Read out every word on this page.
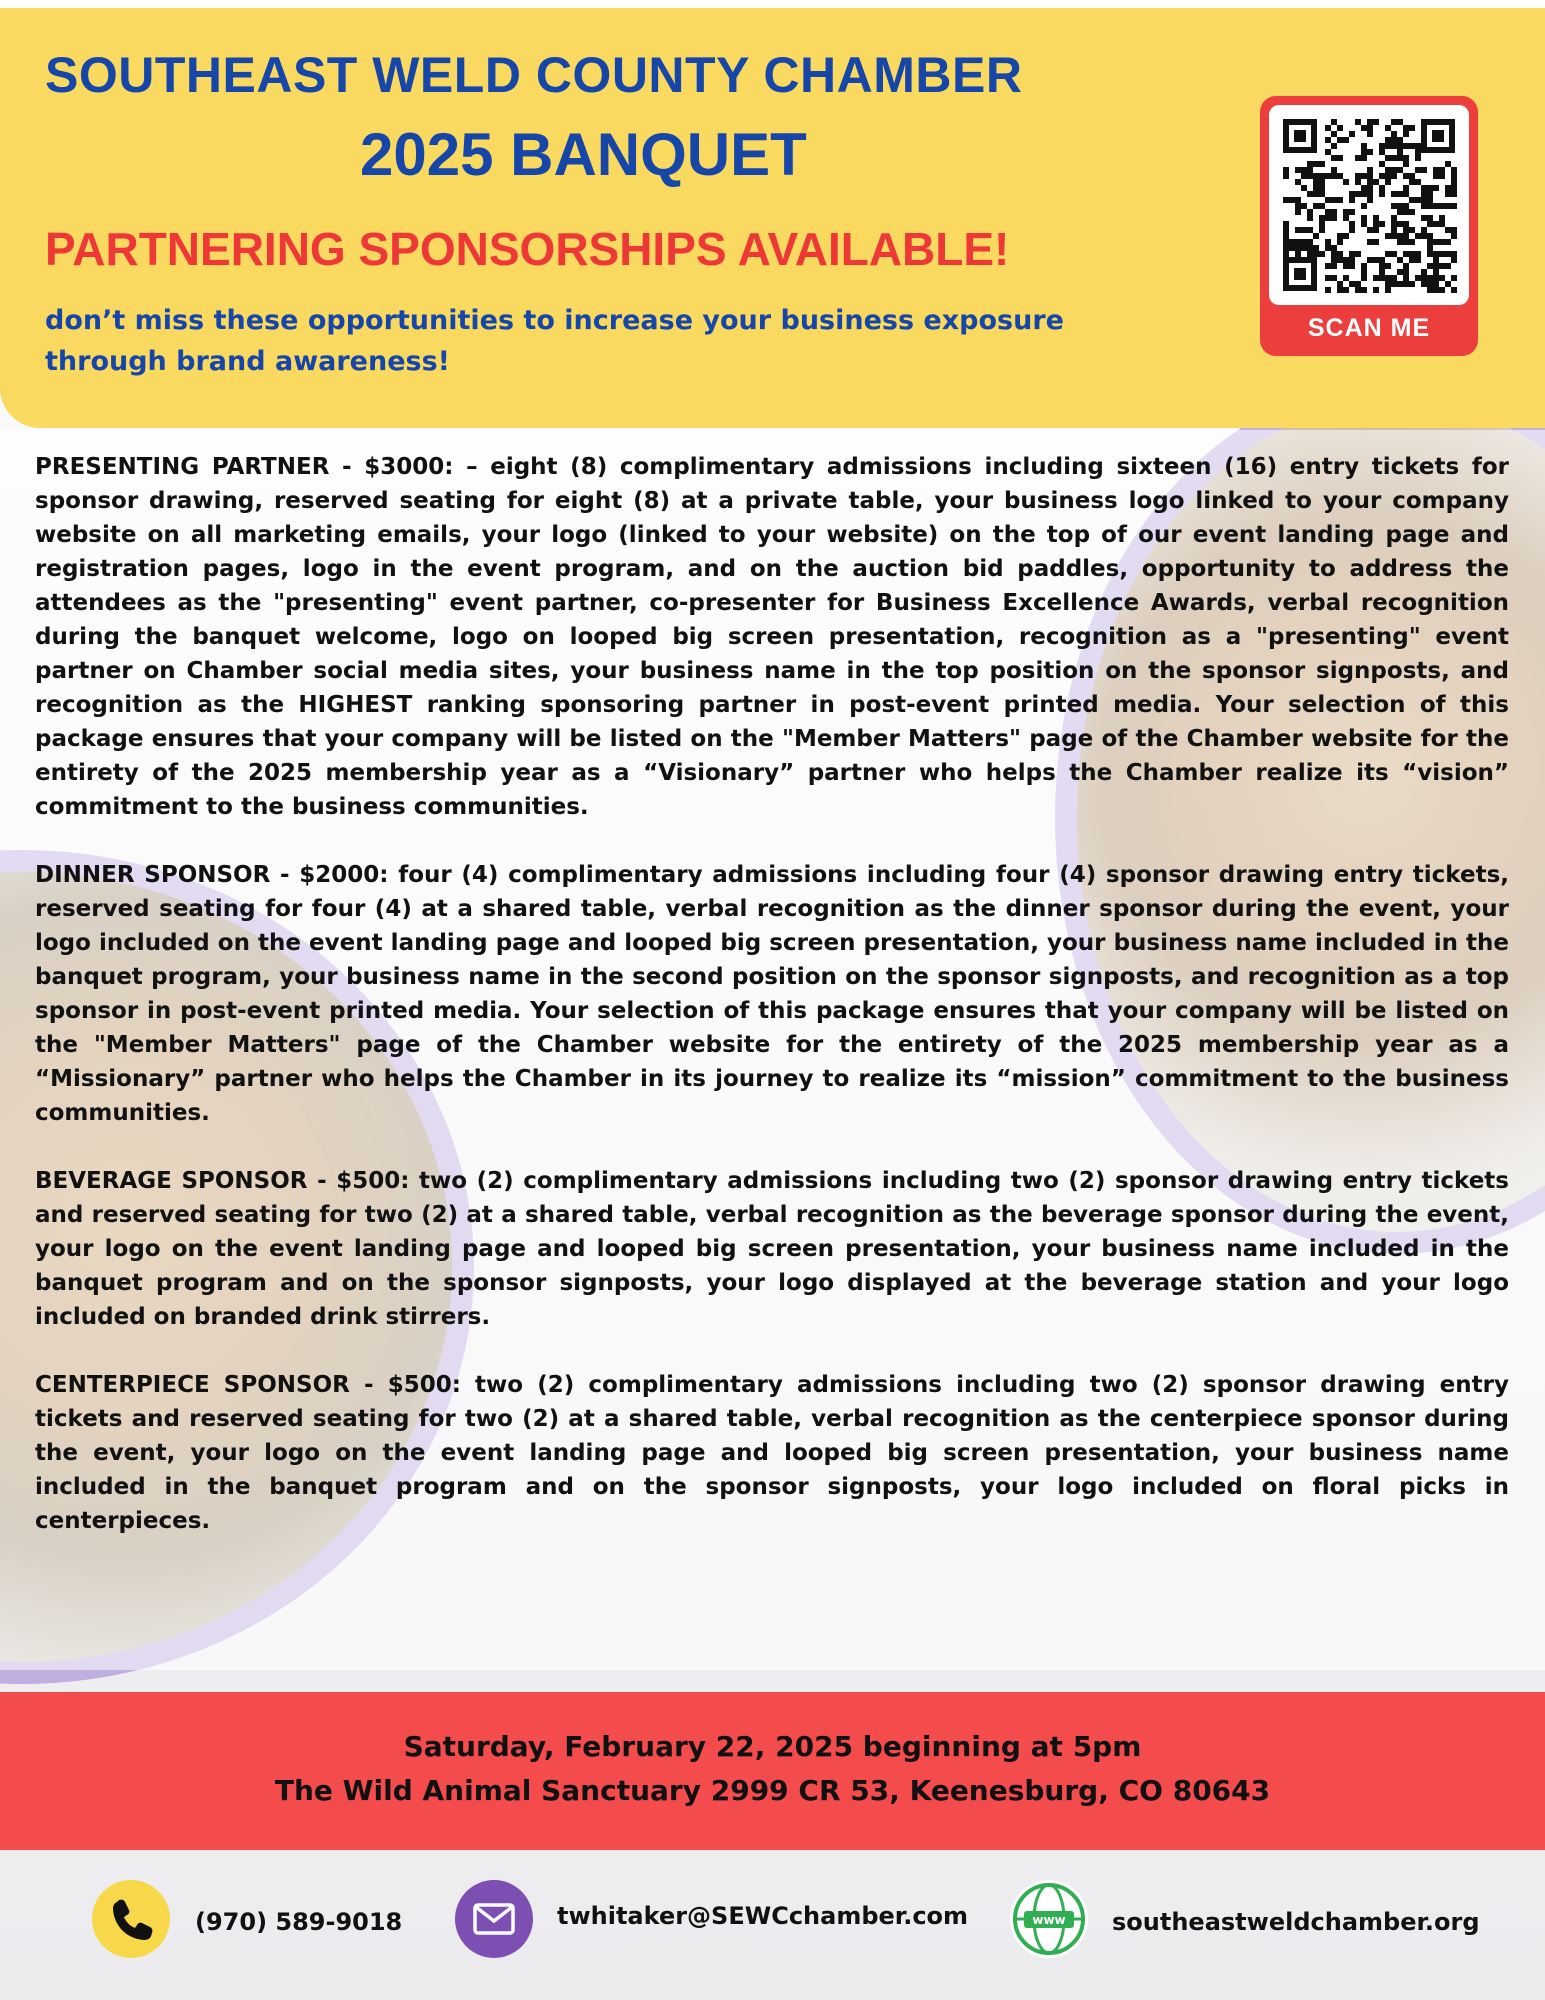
SOUTHEAST WELD COUNTY CHAMBER
2025 BANQUET
PARTNERING SPONSORSHIPS AVAILABLE!
don’t miss these opportunities to increase your business exposure through brand awareness!
SCAN ME

PRESENTING PARTNER - $3000: – eight (8) complimentary admissions including sixteen (16) entry tickets for sponsor drawing, reserved seating for eight (8) at a private table, your business logo linked to your company website on all marketing emails, your logo (linked to your website) on the top of our event landing page and registration pages, logo in the event program, and on the auction bid paddles, opportunity to address the attendees as the "presenting" event partner, co-presenter for Business Excellence Awards, verbal recognition during the banquet welcome, logo on looped big screen presentation, recognition as a "presenting" event partner on Chamber social media sites, your business name in the top position on the sponsor signposts, and recognition as the HIGHEST ranking sponsoring partner in post-event printed media. Your selection of this package ensures that your company will be listed on the "Member Matters" page of the Chamber website for the entirety of the 2025 membership year as a “Visionary” partner who helps the Chamber realize its “vision” commitment to the business communities.

DINNER SPONSOR - $2000: four (4) complimentary admissions including four (4) sponsor drawing entry tickets, reserved seating for four (4) at a shared table, verbal recognition as the dinner sponsor during the event, your logo included on the event landing page and looped big screen presentation, your business name included in the banquet program, your business name in the second position on the sponsor signposts, and recognition as a top sponsor in post-event printed media. Your selection of this package ensures that your company will be listed on the "Member Matters" page of the Chamber website for the entirety of the 2025 membership year as a “Missionary” partner who helps the Chamber in its journey to realize its “mission” commitment to the business communities.

BEVERAGE SPONSOR - $500: two (2) complimentary admissions including two (2) sponsor drawing entry tickets and reserved seating for two (2) at a shared table, verbal recognition as the beverage sponsor during the event, your logo on the event landing page and looped big screen presentation, your business name included in the banquet program and on the sponsor signposts, your logo displayed at the beverage station and your logo included on branded drink stirrers.

CENTERPIECE SPONSOR - $500: two (2) complimentary admissions including two (2) sponsor drawing entry tickets and reserved seating for two (2) at a shared table, verbal recognition as the centerpiece sponsor during the event, your logo on the event landing page and looped big screen presentation, your business name included in the banquet program and on the sponsor signposts, your logo included on floral picks in centerpieces.

Saturday, February 22, 2025 beginning at 5pm
The Wild Animal Sanctuary 2999 CR 53, Keenesburg, CO 80643
(970) 589-9018	twhitaker@SEWCchamber.com	www southeastweldchamber.org
